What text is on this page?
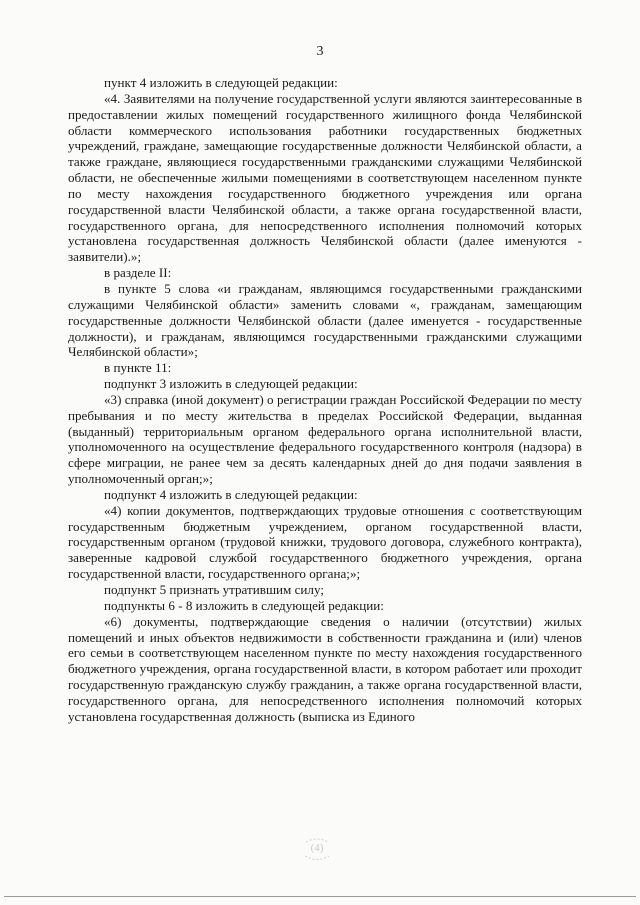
3

пункт 4 изложить в следующей редакции:

«4. Заявителями на получение государственной услуги являются заинтересованные в предоставлении жилых помещений государственного жилищного фонда Челябинской области коммерческого использования работники государственных бюджетных учреждений, граждане, замещающие государственные должности Челябинской области, а также граждане, являющиеся государственными гражданскими служащими Челябинской области, не обеспеченные жилыми помещениями в соответствующем населенном пункте по месту нахождения государственного бюджетного учреждения или органа государственной власти Челябинской области, а также органа государственной власти, государственного органа, для непосредственного исполнения полномочий которых установлена государственная должность Челябинской области (далее именуются - заявители).»;

в разделе II:

в пункте 5 слова «и гражданам, являющимся государственными гражданскими служащими Челябинской области» заменить словами «, гражданам, замещающим государственные должности Челябинской области (далее именуется - государственные должности), и гражданам, являющимся государственными гражданскими служащими Челябинской области»;

в пункте 11:

подпункт 3 изложить в следующей редакции:

«3) справка (иной документ) о регистрации граждан Российской Федерации по месту пребывания и по месту жительства в пределах Российской Федерации, выданная (выданный) территориальным органом федерального органа исполнительной власти, уполномоченного на осуществление федерального государственного контроля (надзора) в сфере миграции, не ранее чем за десять календарных дней до дня подачи заявления в уполномоченный орган;»;

подпункт 4 изложить в следующей редакции:

«4) копии документов, подтверждающих трудовые отношения с соответствующим государственным бюджетным учреждением, органом государственной власти, государственным органом (трудовой книжки, трудового договора, служебного контракта), заверенные кадровой службой государственного бюджетного учреждения, органа государственной власти, государственного органа;»;

подпункт 5 признать утратившим силу;

подпункты 6 - 8 изложить в следующей редакции:

«6) документы, подтверждающие сведения о наличии (отсутствии) жилых помещений и иных объектов недвижимости в собственности гражданина и (или) членов его семьи в соответствующем населенном пункте по месту нахождения государственного бюджетного учреждения, органа государственной власти, в котором работает или проходит государственную гражданскую службу гражданин, а также органа государственной власти, государственного органа, для непосредственного исполнения полномочий которых установлена государственная должность (выписка из Единого

(4)
